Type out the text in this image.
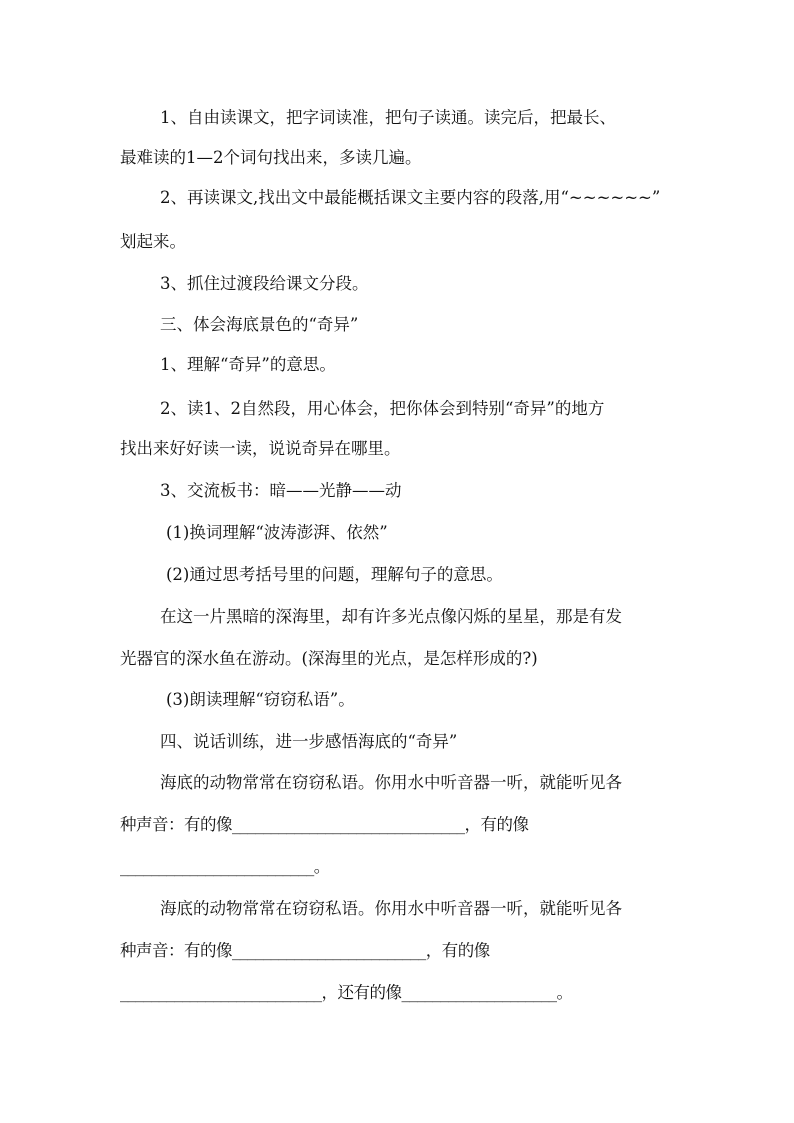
1、自由读课文，把字词读准，把句子读通。读完后，把最长、
最难读的1—2个词句找出来，多读几遍。
2、再读课文,找出文中最能概括课文主要内容的段落,用“~~~~~~”
划起来。
3、抓住过渡段给课文分段。
三、体会海底景色的“奇异”
1、理解“奇异”的意思。
2、读1、2自然段，用心体会，把你体会到特别“奇异”的地方
找出来好好读一读，说说奇异在哪里。
3、交流板书：暗——光静——动
(1)换词理解“波涛澎湃、依然”
(2)通过思考括号里的问题，理解句子的意思。
在这一片黑暗的深海里，却有许多光点像闪烁的星星，那是有发
光器官的深水鱼在游动。(深海里的光点，是怎样形成的?)
(3)朗读理解“窃窃私语”。
四、说话训练，进一步感悟海底的“奇异”
海底的动物常常在窃窃私语。你用水中听音器一听，就能听见各
种声音：有的像______________________________，有的像
_________________________。
海底的动物常常在窃窃私语。你用水中听音器一听，就能听见各
种声音：有的像_________________________，有的像
__________________________，还有的像____________________。
